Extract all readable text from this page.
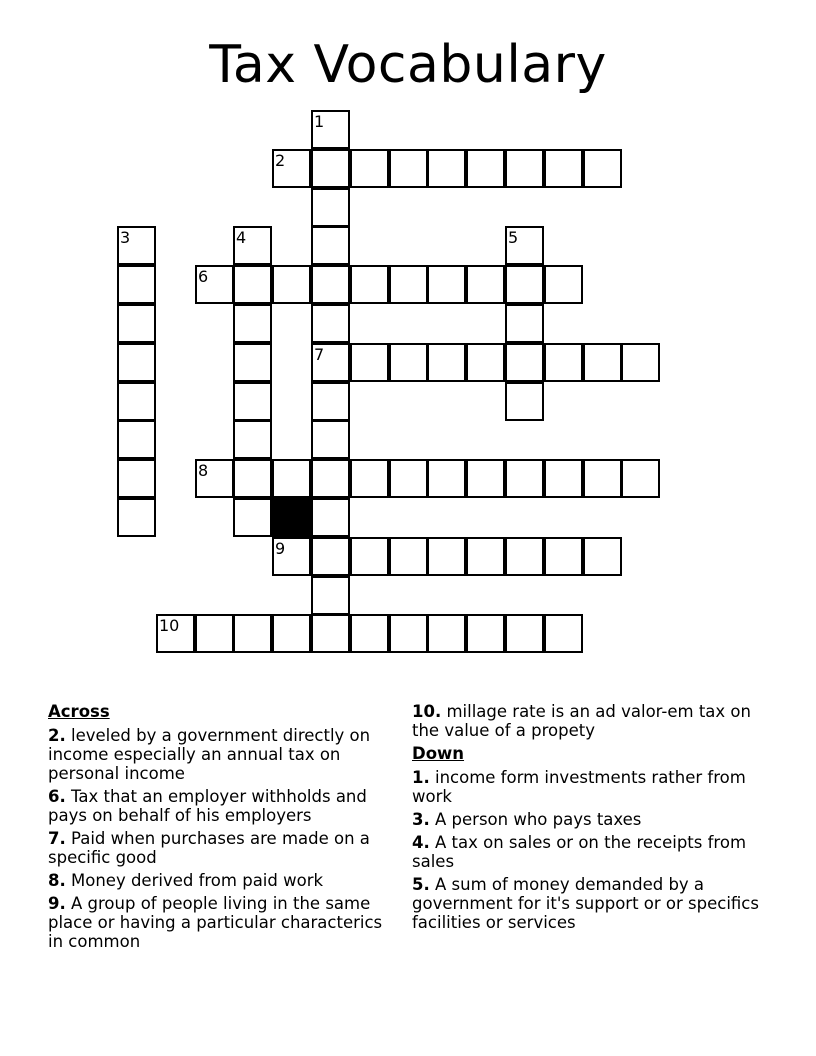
Tax Vocabulary
1
2
3	4	5
6
7
8
9
10
Across
2. leveled by a government directly on income especially an annual tax on personal income
6. Tax that an employer withholds and pays on behalf of his employers
7. Paid when purchases are made on a specific good
8. Money derived from paid work
9. A group of people living in the same place or having a particular characterics in common
10. millage rate is an ad valor-em tax on the value of a propety
Down
1. income form investments rather from work
3. A person who pays taxes
4. A tax on sales or on the receipts from sales
5. A sum of money demanded by a government for it's support or or specifics facilities or services
